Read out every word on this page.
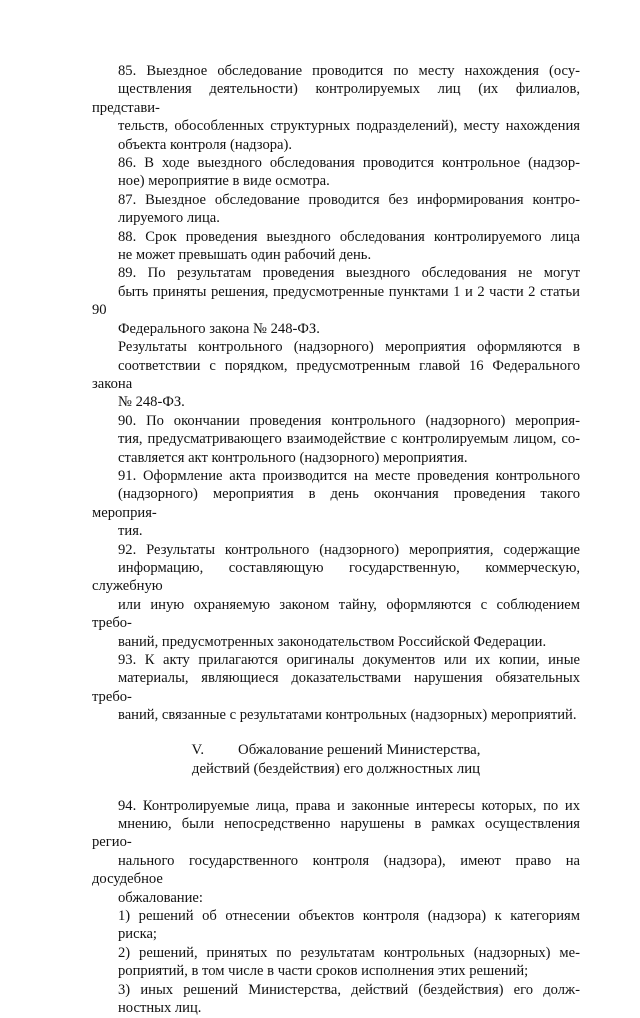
85. Выездное обследование проводится по месту нахождения (осу-
ществления деятельности) контролируемых лиц (их филиалов, представи-
тельств, обособленных структурных подразделений), месту нахождения
объекта контроля (надзора).

86. В ходе выездного обследования проводится контрольное (надзор-
ное) мероприятие в виде осмотра.

87. Выездное обследование проводится без информирования контро-
лируемого лица.

88. Срок проведения выездного обследования контролируемого лица
не может превышать один рабочий день.

89. По результатам проведения выездного обследования не могут
быть приняты решения, предусмотренные пунктами 1 и 2 части 2 статьи 90
Федерального закона № 248-ФЗ.

Результаты контрольного (надзорного) мероприятия оформляются в
соответствии с порядком, предусмотренным главой 16 Федерального закона
№ 248-ФЗ.

90. По окончании проведения контрольного (надзорного) мероприя-
тия, предусматривающего взаимодействие с контролируемым лицом, со-
ставляется акт контрольного (надзорного) мероприятия.

91. Оформление акта производится на месте проведения контрольного
(надзорного) мероприятия в день окончания проведения такого мероприя-
тия.

92. Результаты контрольного (надзорного) мероприятия, содержащие
информацию, составляющую государственную, коммерческую, служебную
или иную охраняемую законом тайну, оформляются с соблюдением требо-
ваний, предусмотренных законодательством Российской Федерации.

93. К акту прилагаются оригиналы документов или их копии, иные
материалы, являющиеся доказательствами нарушения обязательных требо-
ваний, связанные с результатами контрольных (надзорных) мероприятий.

V. Обжалование решений Министерства,
действий (бездействия) его должностных лиц

94. Контролируемые лица, права и законные интересы которых, по их
мнению, были непосредственно нарушены в рамках осуществления регио-
нального государственного контроля (надзора), имеют право на досудебное
обжалование:

1) решений об отнесении объектов контроля (надзора) к категориям
риска;

2) решений, принятых по результатам контрольных (надзорных) ме-
роприятий, в том числе в части сроков исполнения этих решений;

3) иных решений Министерства, действий (бездействия) его долж-
ностных лиц.
